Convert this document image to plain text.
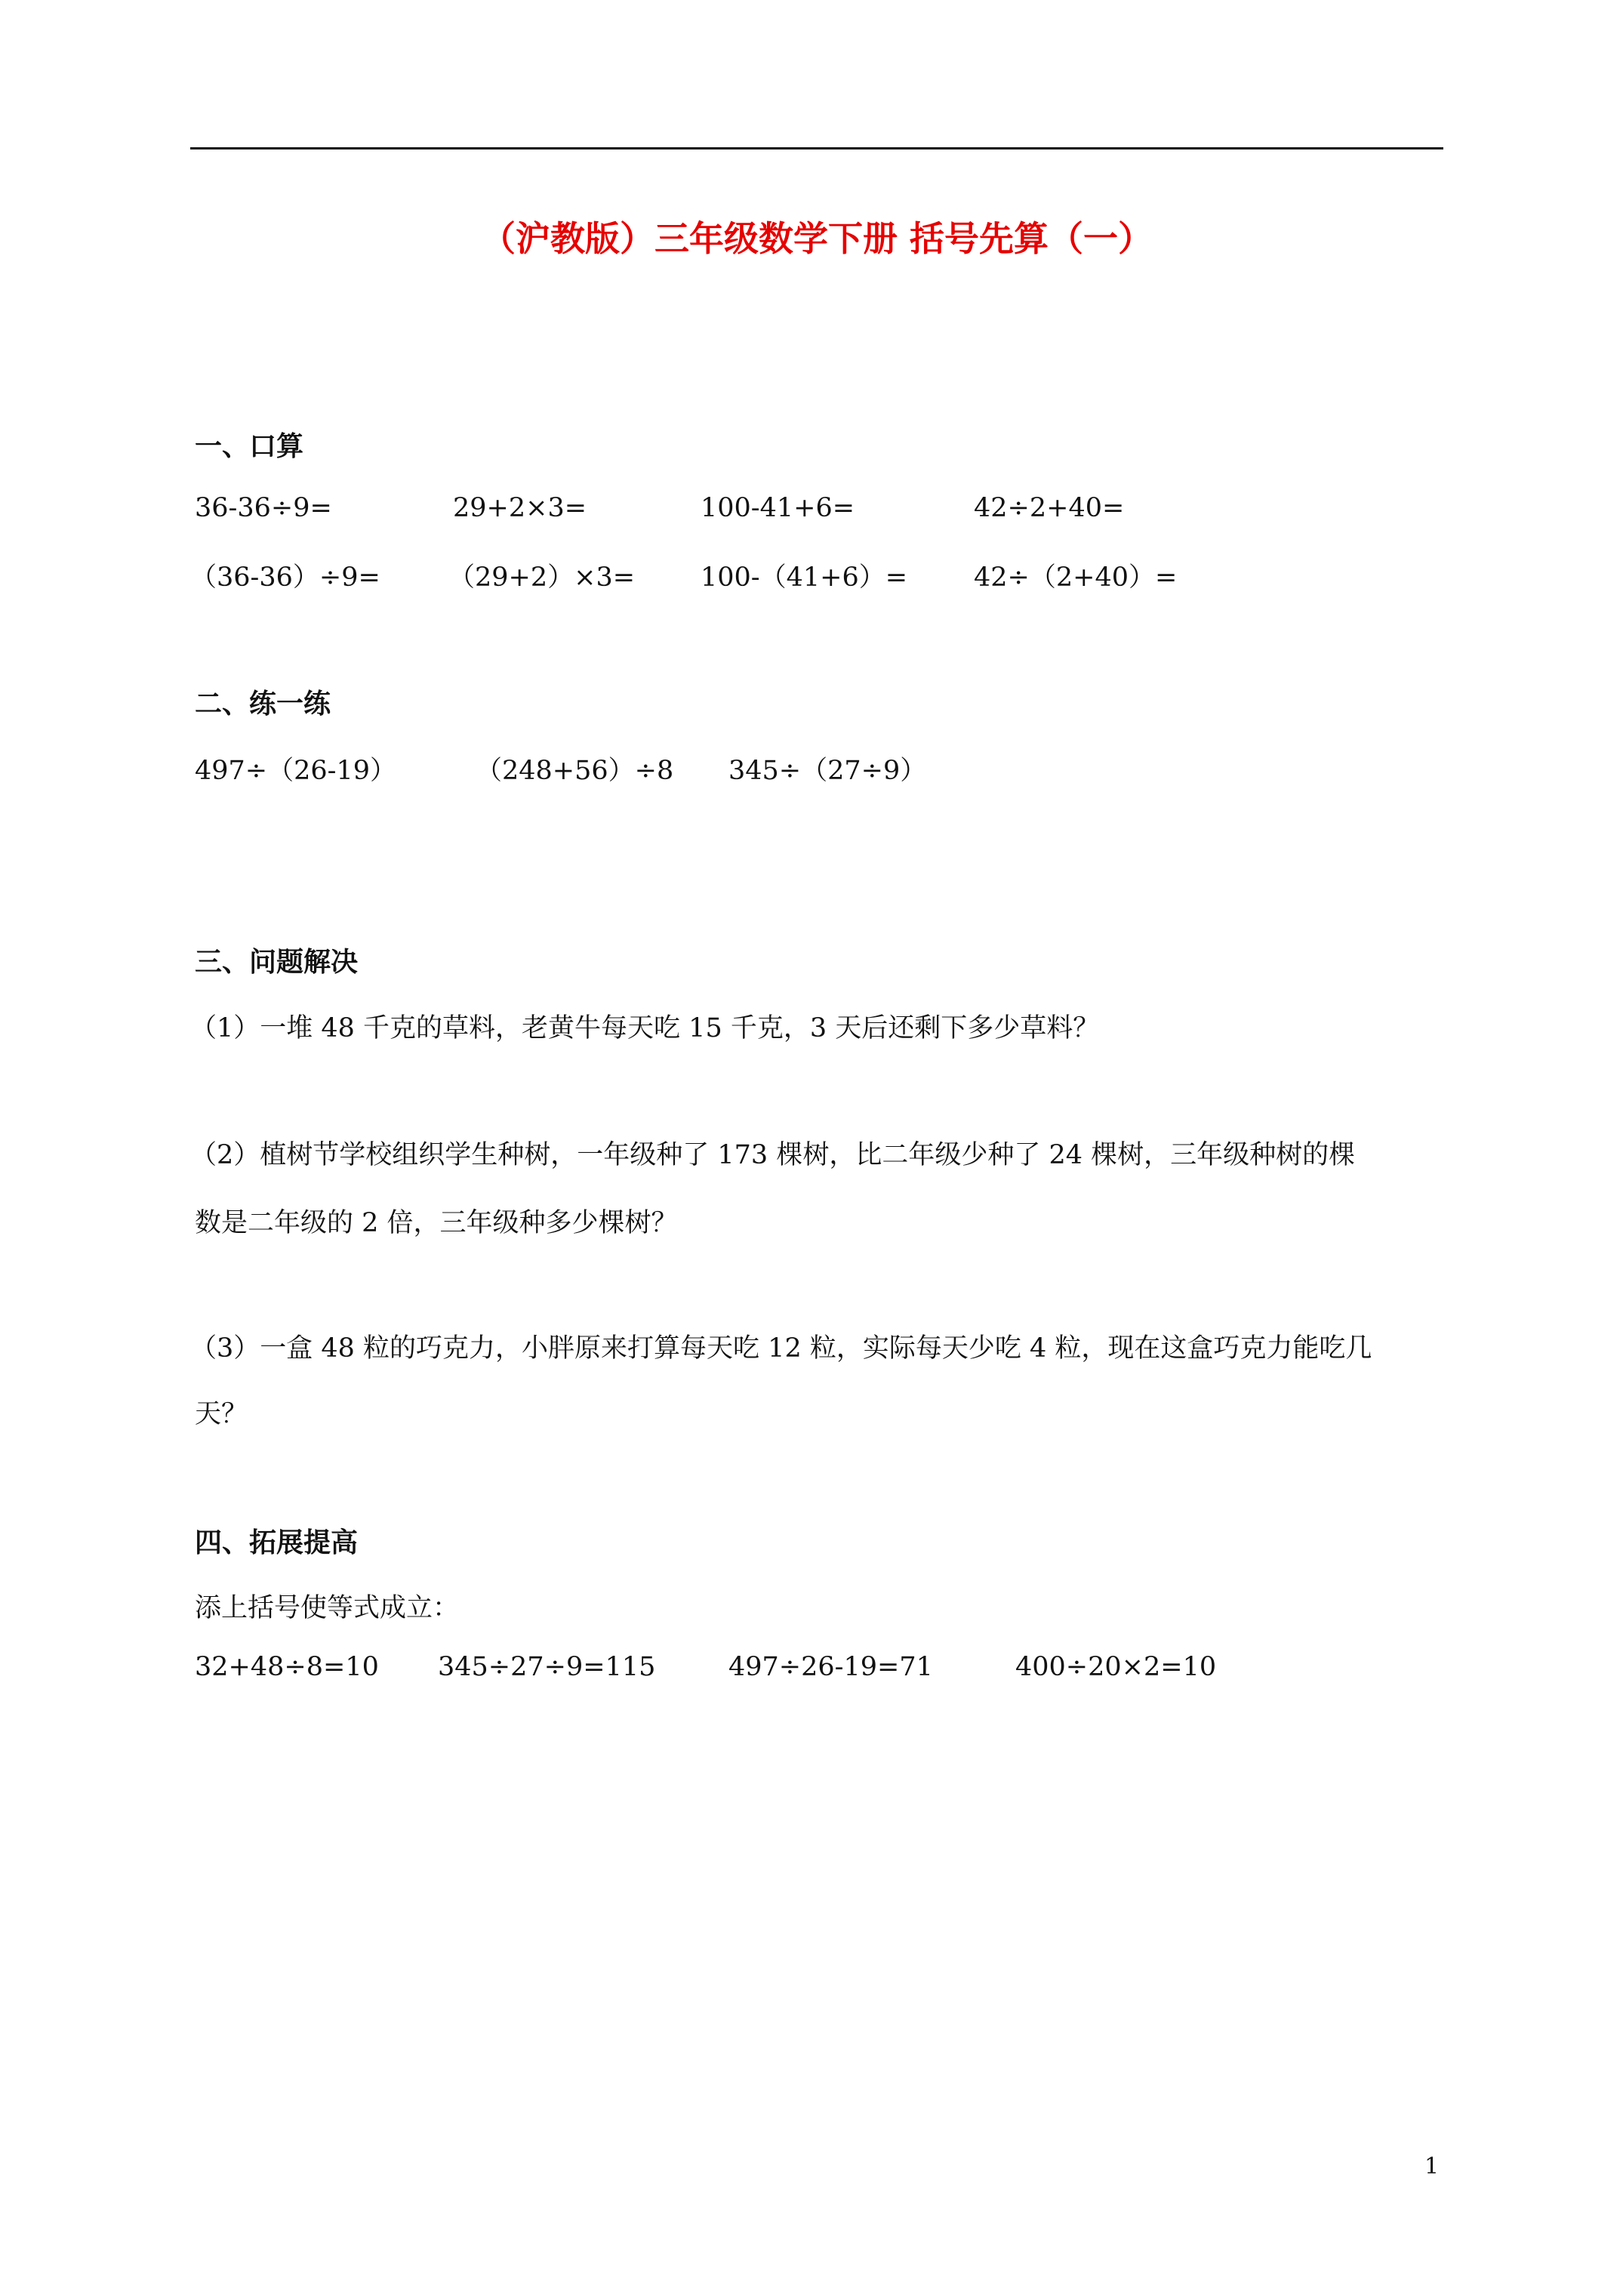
（沪教版）三年级数学下册 括号先算（一）
一、口算
36-36÷9=	29+2×3=	100-41+6=	42÷2+40=
（36-36）÷9=	（29+2）×3= 100-（41+6）=	42÷（2+40）=
二、练一练
497÷（26-19）	（248+56）÷8 345÷（27÷9）
三、问题解决
（1）一堆 48 千克的草料，老黄牛每天吃 15 千克，3 天后还剩下多少草料？
（2）植树节学校组织学生种树，一年级种了 173 棵树，比二年级少种了 24 棵树，三年级种树的棵
数是二年级的 2 倍，三年级种多少棵树？
（3）一盒 48 粒的巧克力，小胖原来打算每天吃 12 粒，实际每天少吃 4 粒，现在这盒巧克力能吃几
天？
四、拓展提高
添上括号使等式成立：
32+48÷8=10 345÷27÷9=115	497÷26-19=71	400÷20×2=10
1
